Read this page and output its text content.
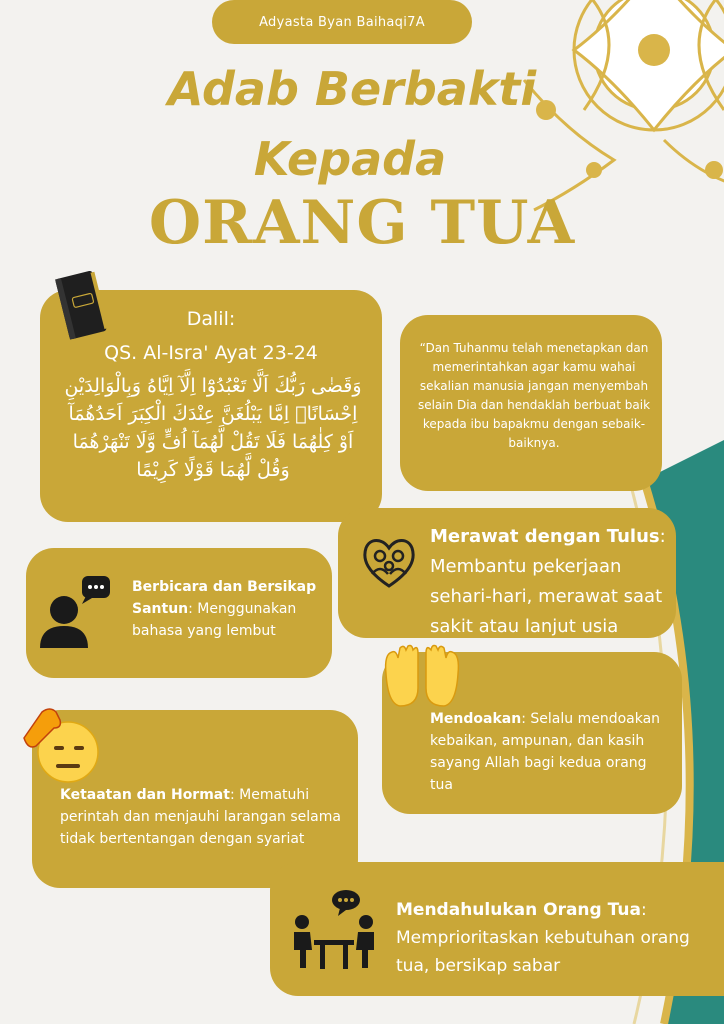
Adyasta Byan Baihaqi7A
Adab Berbakti
Kepada
ORANG TUA
Dalil:
QS. Al-Isra' Ayat 23-24
وَقَضٰى رَبُّكَ اَلَّا تَعْبُدُوْٓا اِلَّآ اِيَّاهُ وَبِالْوَالِدَيْنِ اِحْسَانًاۗ اِمَّا يَبْلُغَنَّ عِنْدَكَ الْكِبَرَ اَحَدُهُمَآ اَوْ كِلٰهُمَا فَلَا تَقُلْ لَّهُمَآ اُفٍّ وَّلَا تَنْهَرْهُمَا وَقُلْ لَّهُمَا قَوْلًا كَرِيْمًا
“Dan Tuhanmu telah menetapkan dan memerintahkan agar kamu wahai sekalian manusia jangan menyembah selain Dia dan hendaklah berbuat baik kepada ibu bapakmu dengan sebaik-baiknya.
Merawat dengan Tulus: Membantu pekerjaan sehari-hari, merawat saat sakit atau lanjut usia
Berbicara dan Bersikap Santun: Menggunakan bahasa yang lembut
Mendoakan: Selalu mendoakan kebaikan, ampunan, dan kasih sayang Allah bagi kedua orang tua
Ketaatan dan Hormat: Mematuhi perintah dan menjauhi larangan selama tidak bertentangan dengan syariat
Mendahulukan Orang Tua: Memprioritaskan kebutuhan orang tua, bersikap sabar
